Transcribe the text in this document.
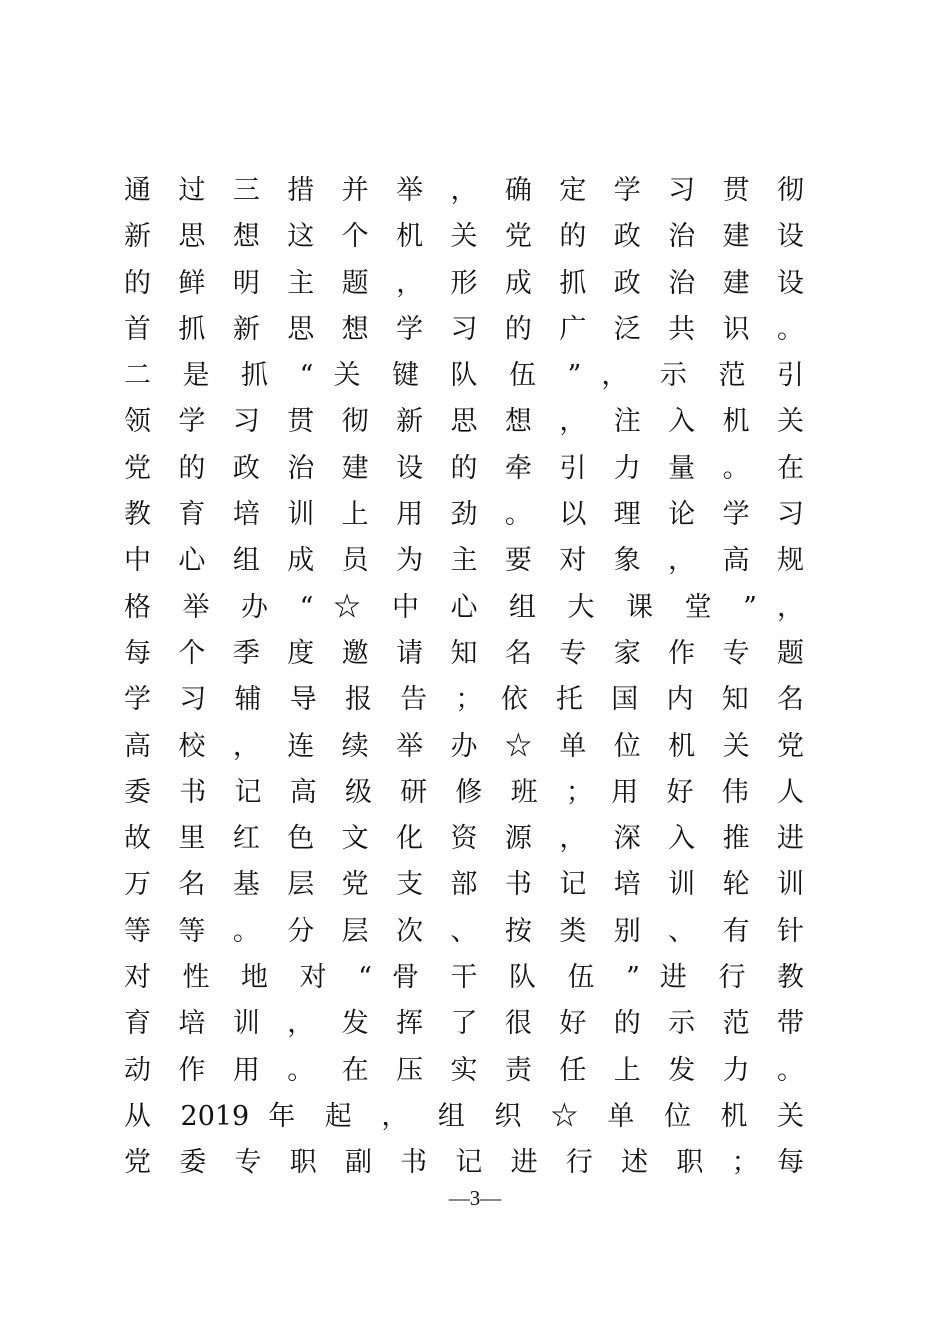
通 过 三 措 并 举 ， 确 定 学 习 贯 彻
新 思 想 这 个 机 关 党 的 政 治 建 设
的 鲜 明 主 题 ， 形 成 抓 政 治 建 设
首 抓 新 思 想 学 习 的 广 泛 共 识 。
二 是 抓 “ 关 键 队 伍 ” ， 示 范 引
领 学 习 贯 彻 新 思 想 ， 注 入 机 关
党 的 政 治 建 设 的 牵 引 力 量 。 在
教 育 培 训 上 用 劲 。 以 理 论 学 习
中 心 组 成 员 为 主 要 对 象 ， 高 规
格 举 办 “ ☆ 中 心 组 大 课 堂 ” ，
每 个 季 度 邀 请 知 名 专 家 作 专 题
学 习 辅 导 报 告 ； 依 托 国 内 知 名
高 校 ， 连 续 举 办 ☆ 单 位 机 关 党
委 书 记 高 级 研 修 班 ； 用 好 伟 人
故 里 红 色 文 化 资 源 ， 深 入 推 进
万 名 基 层 党 支 部 书 记 培 训 轮 训
等 等 。 分 层 次 、 按 类 别 、 有 针
对 性 地 对 “ 骨 干 队 伍 ” 进 行 教
育 培 训 ， 发 挥 了 很 好 的 示 范 带
动 作 用 。 在 压 实 责 任 上 发 力 。
从 2019 年 起 ， 组 织 ☆ 单 位 机 关
党 委 专 职 副 书 记 进 行 述 职 ； 每
—3—
